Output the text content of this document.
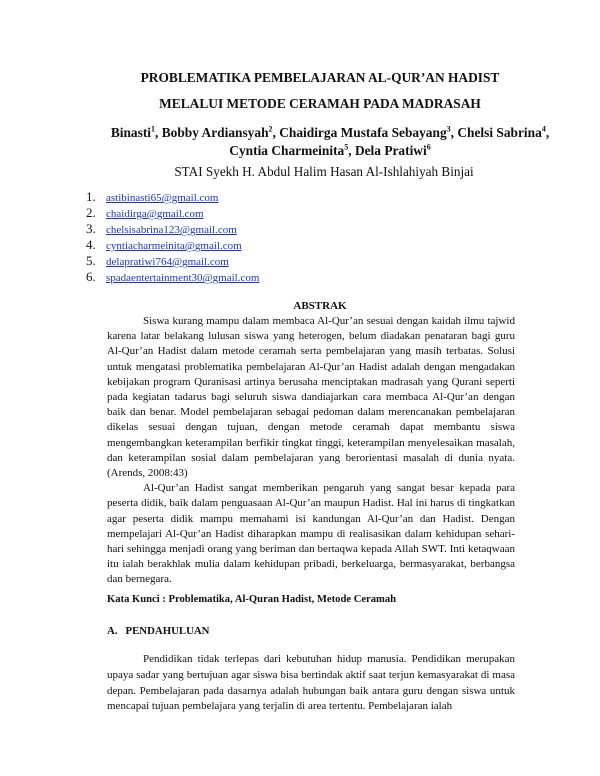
PROBLEMATIKA PEMBELAJARAN AL-QUR’AN HADIST
MELALUI METODE CERAMAH PADA MADRASAH
Binasti$^1$, Bobby Ardiansyah$^2$, Chaidirga Mustafa Sebayang$^3$, Chelsi Sabrina$^4$,
Cyntia Charmeinita$^5$, Dela Pratiwi$^6$
STAI Syekh H. Abdul Halim Hasan Al-Ishlahiyah Binjai
1. astibinasti65@gmail.com
2. chaidirga@gmail.com
3. chelsisabrina123@gmail.com
4. cyntiacharmeinita@gmail.com
5. delapratiwi764@gmail.com
6. spadaentertainment30@gmail.com
ABSTRAK

Siswa kurang mampu dalam membaca Al-Qur’an sesuai dengan kaidah ilmu tajwid karena latar belakang lulusan siswa yang heterogen, belum diadakan penataran bagi guru Al-Qur’an Hadist dalam metode ceramah serta pembelajaran yang masih terbatas. Solusi untuk mengatasi problematika pembelajaran Al-Qur’an Hadist adalah dengan mengadakan kebijakan program Quranisasi artinya berusaha menciptakan madrasah yang Qurani seperti pada kegiatan tadarus bagi seluruh siswa dandiajarkan cara membaca Al-Qur’an dengan baik dan benar. Model pembelajaran sebagai pedoman dalam merencanakan pembelajaran dikelas sesuai dengan tujuan, dengan metode ceramah dapat membantu siswa mengembangkan keterampilan berfikir tingkat tinggi, keterampilan menyelesaikan masalah, dan keterampilan sosial dalam pembelajaran yang berorientasi masalah di dunia nyata.(Arends, 2008:43)

Al-Qur’an Hadist sangat memberikan pengaruh yang sangat besar kepada para peserta didik, baik dalam penguasaan Al-Qur’an maupun Hadist. Hal ini harus di tingkatkan agar peserta didik mampu memahami isi kandungan Al-Qur’an dan Hadist. Dengan mempelajari Al-Qur’an Hadist diharapkan mampu di realisasikan dalam kehidupan sehari-hari sehingga menjadi orang yang beriman dan bertaqwa kepada Allah SWT. Inti ketaqwaan itu ialah berakhlak mulia dalam kehidupan pribadi, berkeluarga, bermasyarakat, berbangsa dan bernegara.

Kata Kunci : Problematika, Al-Quran Hadist, Metode Ceramah
A. PENDAHULUAN

Pendidikan tidak terlepas dari kebutuhan hidup manusia. Pendidikan merupakan upaya sadar yang bertujuan agar siswa bisa bertindak aktif saat terjun kemasyarakat di masa depan. Pembelajaran pada dasarnya adalah hubungan baik antara guru dengan siswa untuk mencapai tujuan pembelajara yang terjalin di area tertentu. Pembelajaran ialah
